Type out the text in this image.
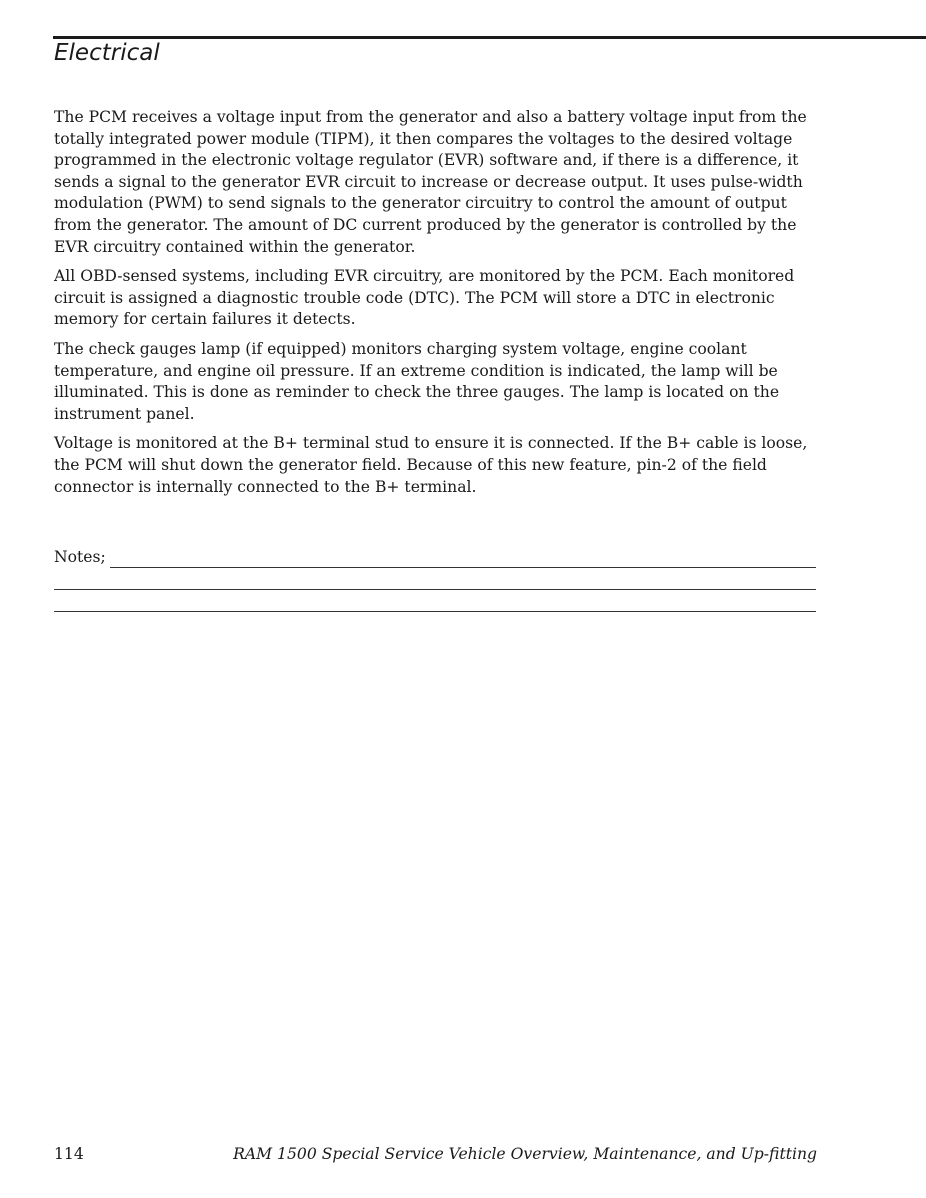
Electrical

The PCM receives a voltage input from the generator and also a battery voltage input from the totally integrated power module (TIPM), it then compares the voltages to the desired voltage programmed in the electronic voltage regulator (EVR) software and, if there is a difference, it sends a signal to the generator EVR circuit to increase or decrease output. It uses pulse-width modulation (PWM) to send signals to the generator circuitry to control the amount of output from the generator. The amount of DC current produced by the generator is controlled by the EVR circuitry contained within the generator.

All OBD-sensed systems, including EVR circuitry, are monitored by the PCM. Each monitored circuit is assigned a diagnostic trouble code (DTC). The PCM will store a DTC in electronic memory for certain failures it detects.

The check gauges lamp (if equipped) monitors charging system voltage, engine coolant temperature, and engine oil pressure. If an extreme condition is indicated, the lamp will be illuminated. This is done as reminder to check the three gauges. The lamp is located on the instrument panel.

Voltage is monitored at the B+ terminal stud to ensure it is connected. If the B+ cable is loose, the PCM will shut down the generator field. Because of this new feature, pin-2 of the field connector is internally connected to the B+ terminal.

Notes;
114	RAM 1500 Special Service Vehicle Overview, Maintenance, and Up-fitting
